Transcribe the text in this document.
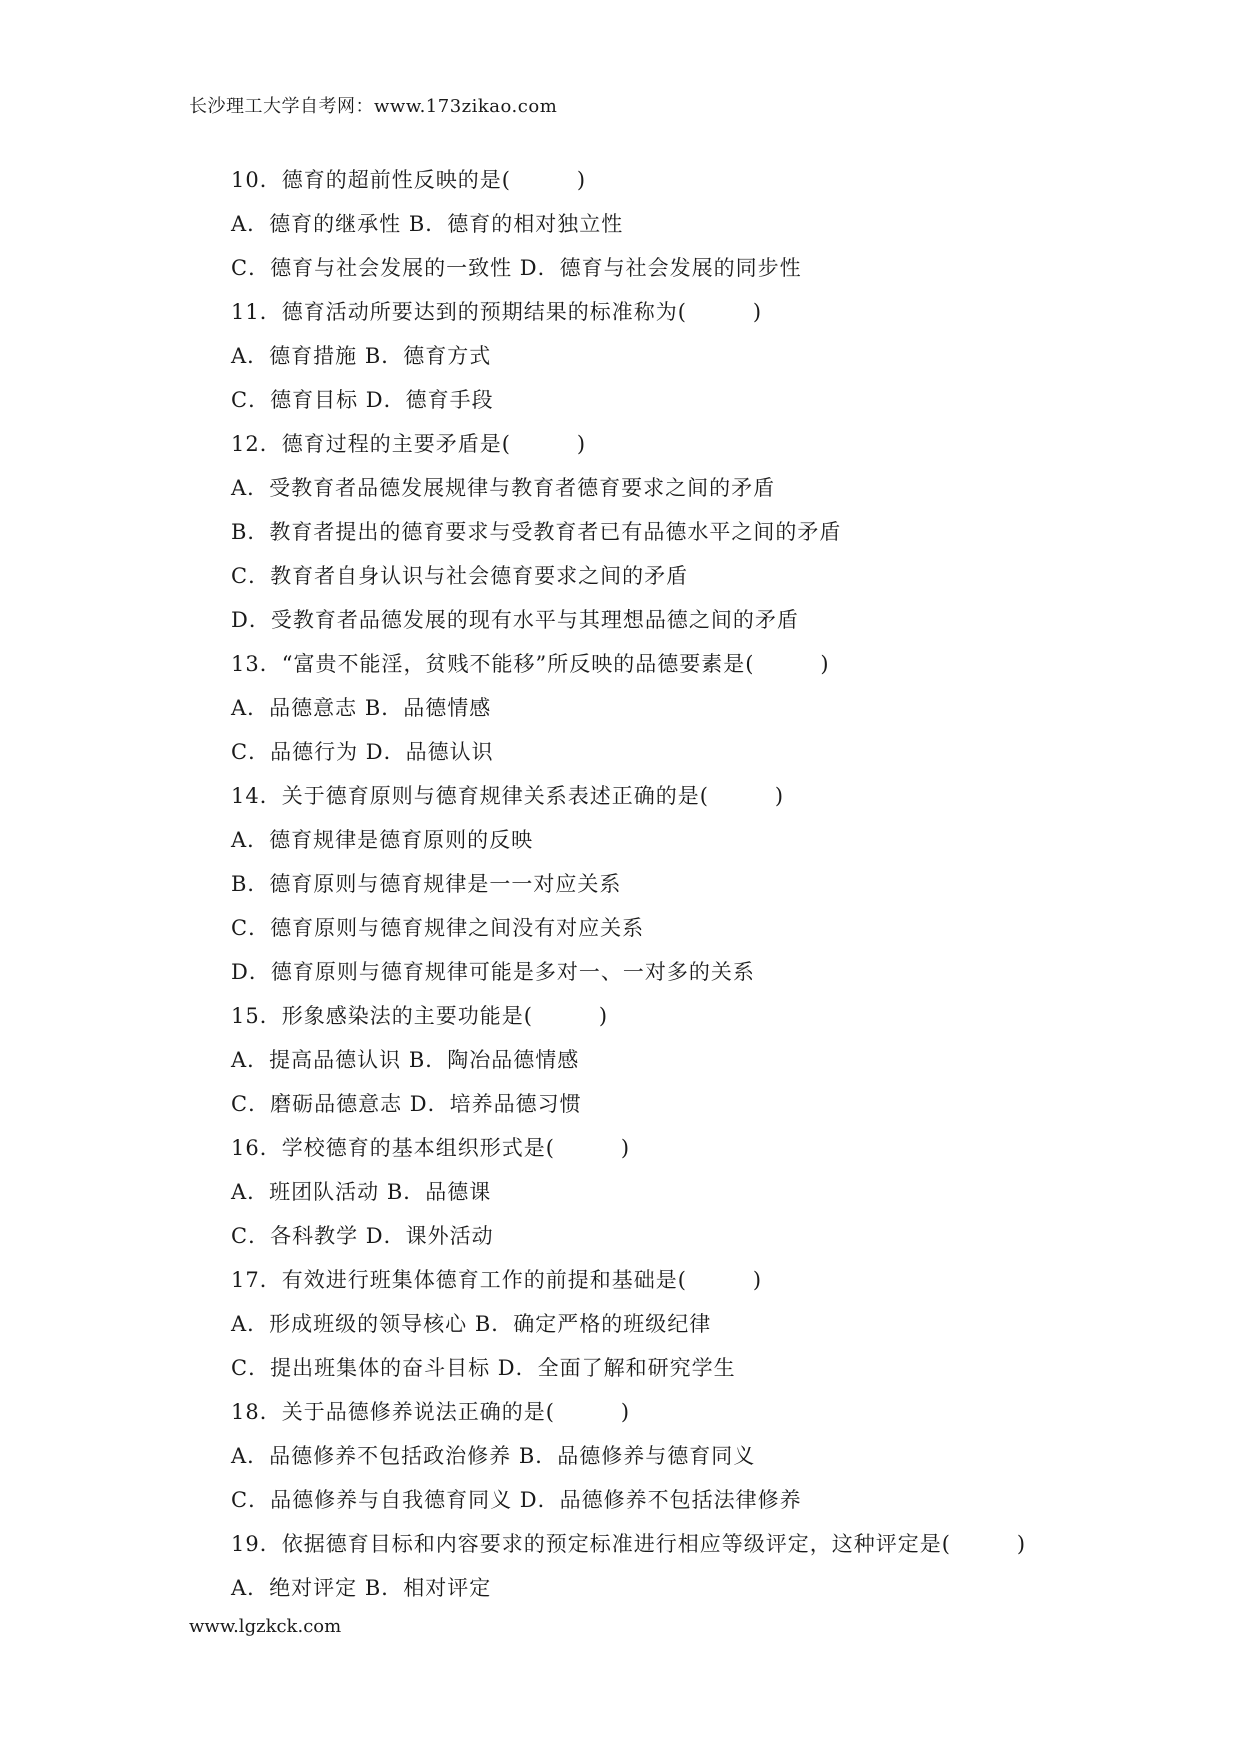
长沙理工大学自考网：www.173zikao.com
10．德育的超前性反映的是(　　　)
A．德育的继承性 B．德育的相对独立性
C．德育与社会发展的一致性 D．德育与社会发展的同步性
11．德育活动所要达到的预期结果的标准称为(　　　)
A．德育措施 B．德育方式
C．德育目标 D．德育手段
12．德育过程的主要矛盾是(　　　)
A．受教育者品德发展规律与教育者德育要求之间的矛盾
B．教育者提出的德育要求与受教育者已有品德水平之间的矛盾
C．教育者自身认识与社会德育要求之间的矛盾
D．受教育者品德发展的现有水平与其理想品德之间的矛盾
13．“富贵不能淫，贫贱不能移”所反映的品德要素是(　　　)
A．品德意志 B．品德情感
C．品德行为 D．品德认识
14．关于德育原则与德育规律关系表述正确的是(　　　)
A．德育规律是德育原则的反映
B．德育原则与德育规律是一一对应关系
C．德育原则与德育规律之间没有对应关系
D．德育原则与德育规律可能是多对一、一对多的关系
15．形象感染法的主要功能是(　　　)
A．提高品德认识 B．陶冶品德情感
C．磨砺品德意志 D．培养品德习惯
16．学校德育的基本组织形式是(　　　)
A．班团队活动 B．品德课
C．各科教学 D．课外活动
17．有效进行班集体德育工作的前提和基础是(　　　)
A．形成班级的领导核心 B．确定严格的班级纪律
C．提出班集体的奋斗目标 D．全面了解和研究学生
18．关于品德修养说法正确的是(　　　)
A．品德修养不包括政治修养 B．品德修养与德育同义
C．品德修养与自我德育同义 D．品德修养不包括法律修养
19．依据德育目标和内容要求的预定标准进行相应等级评定，这种评定是(　　　)
A．绝对评定 B．相对评定
www.lgzkck.com
